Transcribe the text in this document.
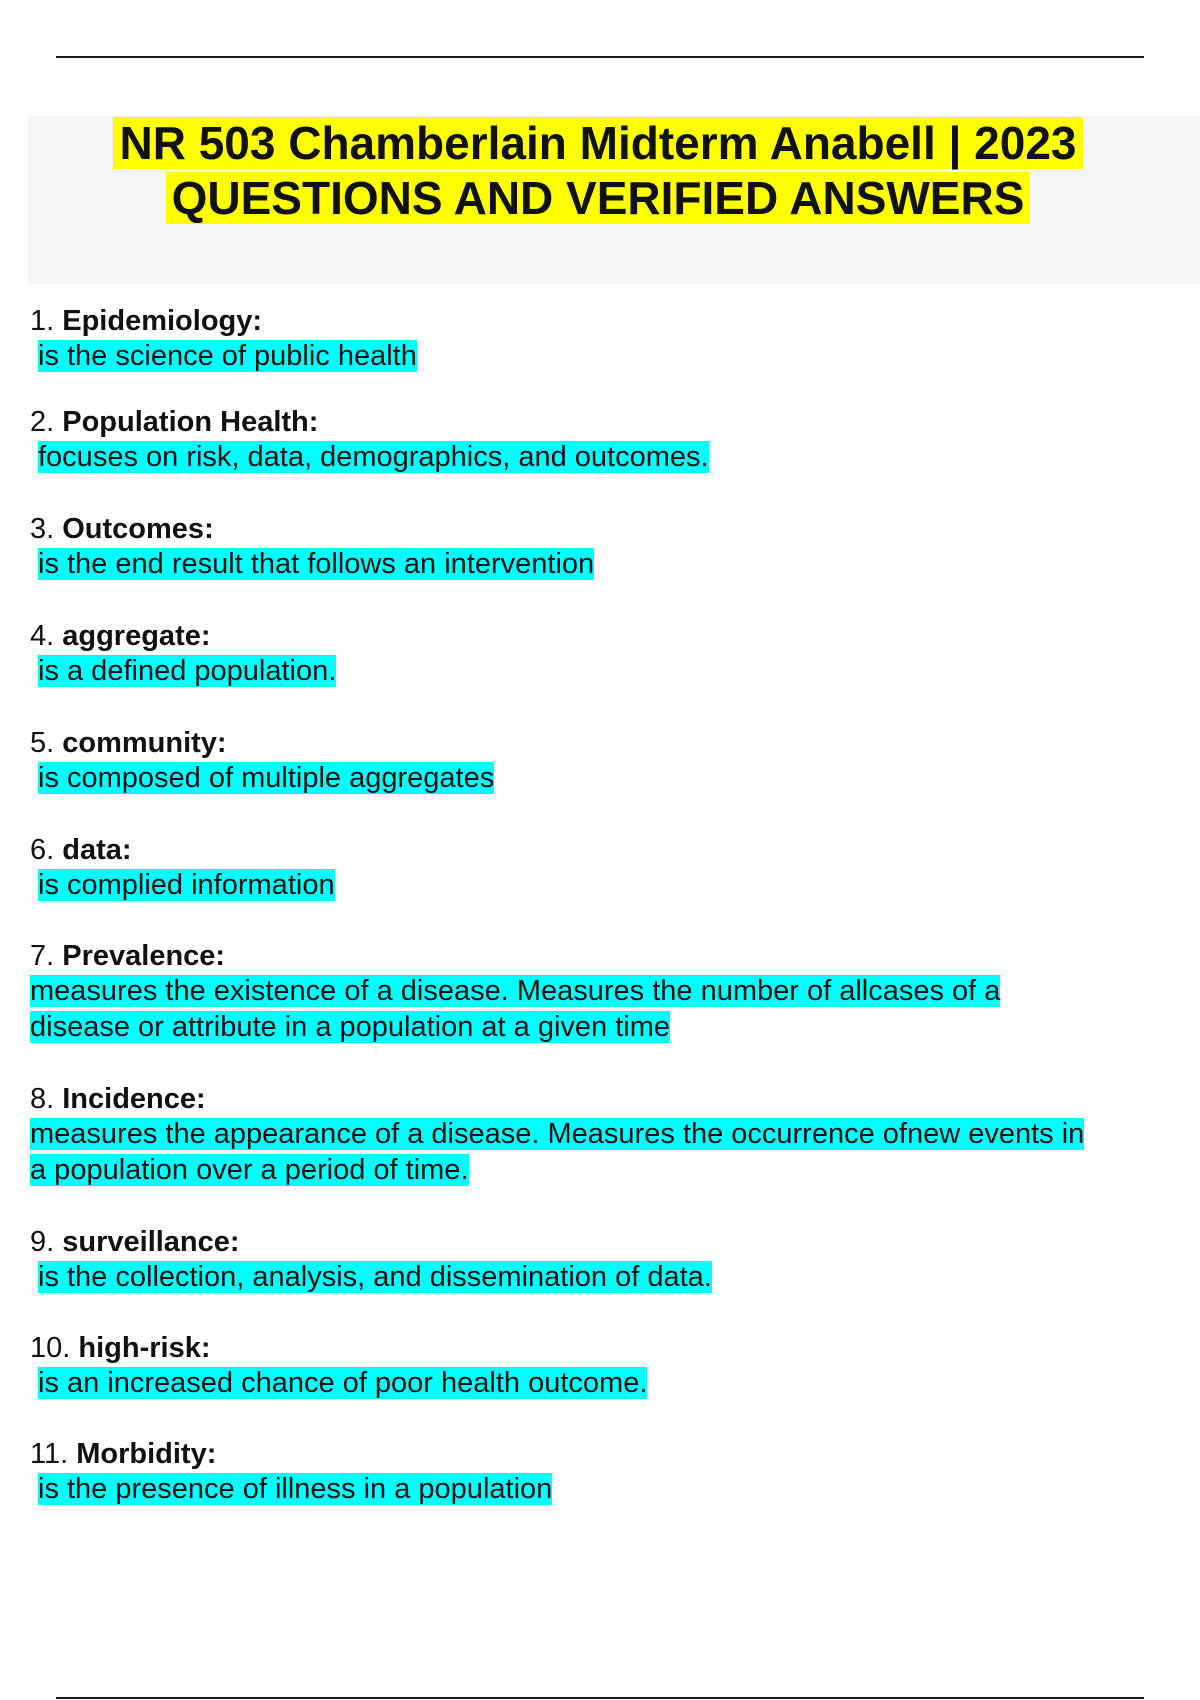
NR 503 Chamberlain Midterm Anabell | 2023
QUESTIONS AND VERIFIED ANSWERS

1. Epidemiology:

is the science of public health

2. Population Health:

focuses on risk, data, demographics, and outcomes.

3. Outcomes:

is the end result that follows an intervention

4. aggregate:

is a defined population.

5. community:

is composed of multiple aggregates

6. data:

is complied information

7. Prevalence:

measures the existence of a disease. Measures the number of allcases of a
disease or attribute in a population at a given time

8. Incidence:

measures the appearance of a disease. Measures the occurrence ofnew events in
a population over a period of time.

9. surveillance:

is the collection, analysis, and dissemination of data.

10. high-risk:

is an increased chance of poor health outcome.

11. Morbidity:

is the presence of illness in a population
